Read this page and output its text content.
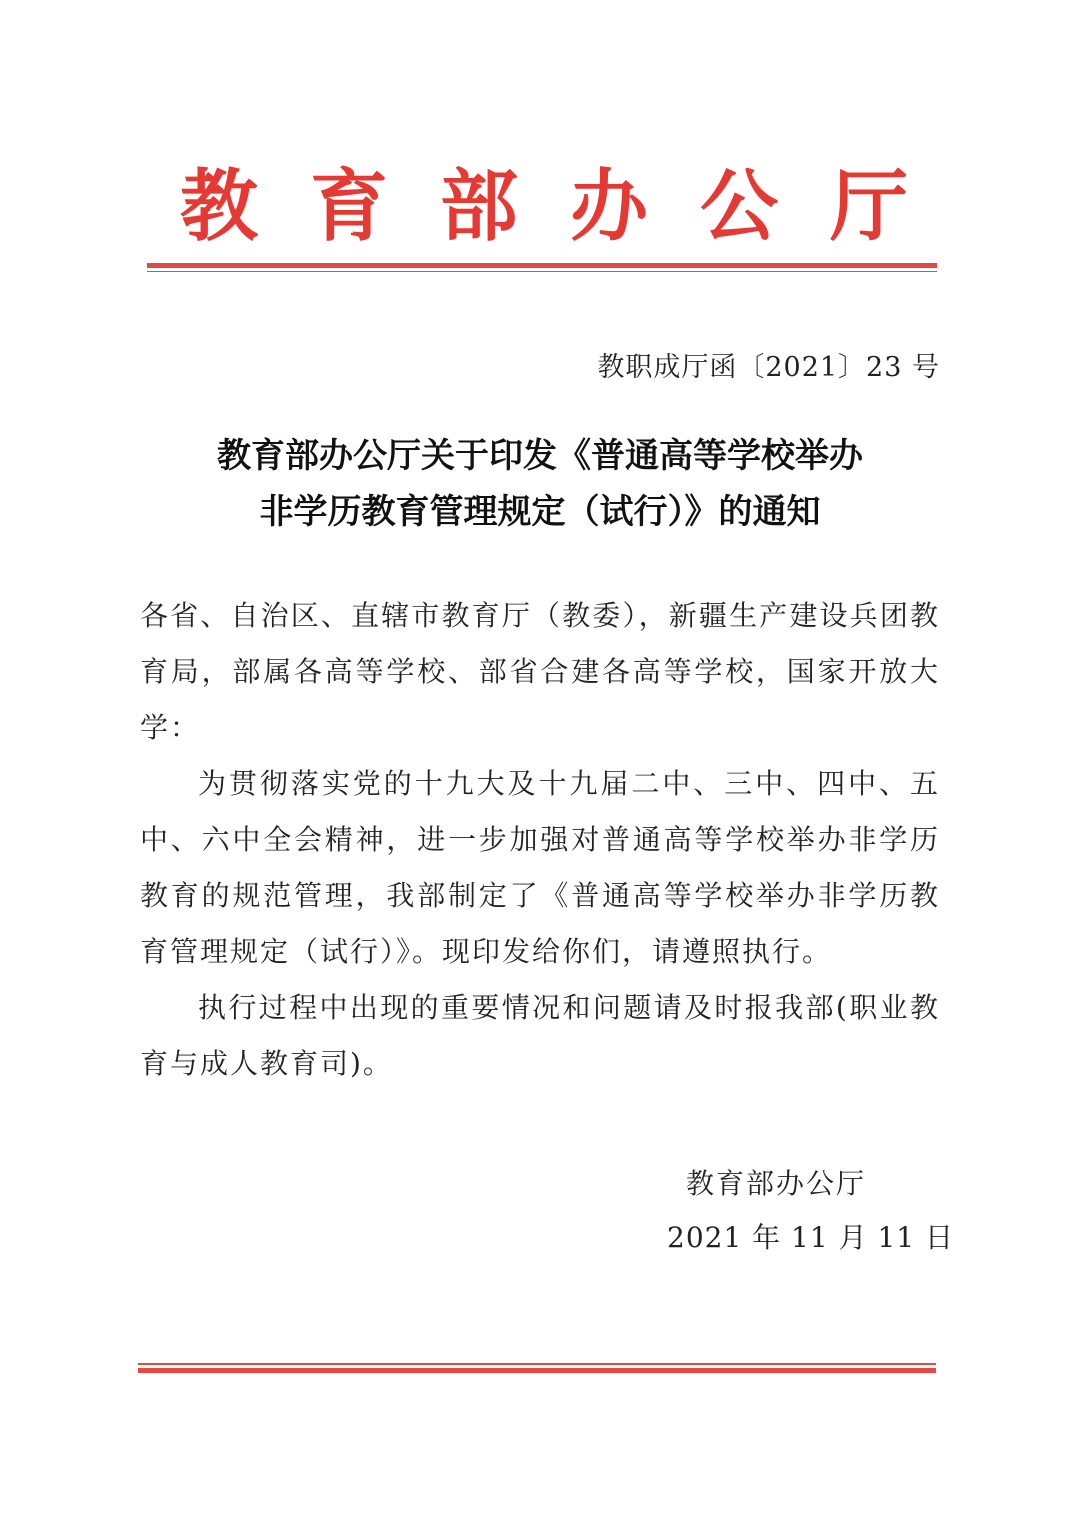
教育部办公厅
教职成厅函〔2021〕23 号
教育部办公厅关于印发《普通高等学校举办
非学历教育管理规定（试行）》的通知

各省、自治区、直辖市教育厅（教委），新疆生产建设兵团教育局，部属各高等学校、部省合建各高等学校，国家开放大学：

为贯彻落实党的十九大及十九届二中、三中、四中、五中、六中全会精神，进一步加强对普通高等学校举办非学历教育的规范管理，我部制定了《普通高等学校举办非学历教育管理规定（试行）》。现印发给你们，请遵照执行。

执行过程中出现的重要情况和问题请及时报我部(职业教育与成人教育司)。

教育部办公厅
2021 年 11 月 11 日
